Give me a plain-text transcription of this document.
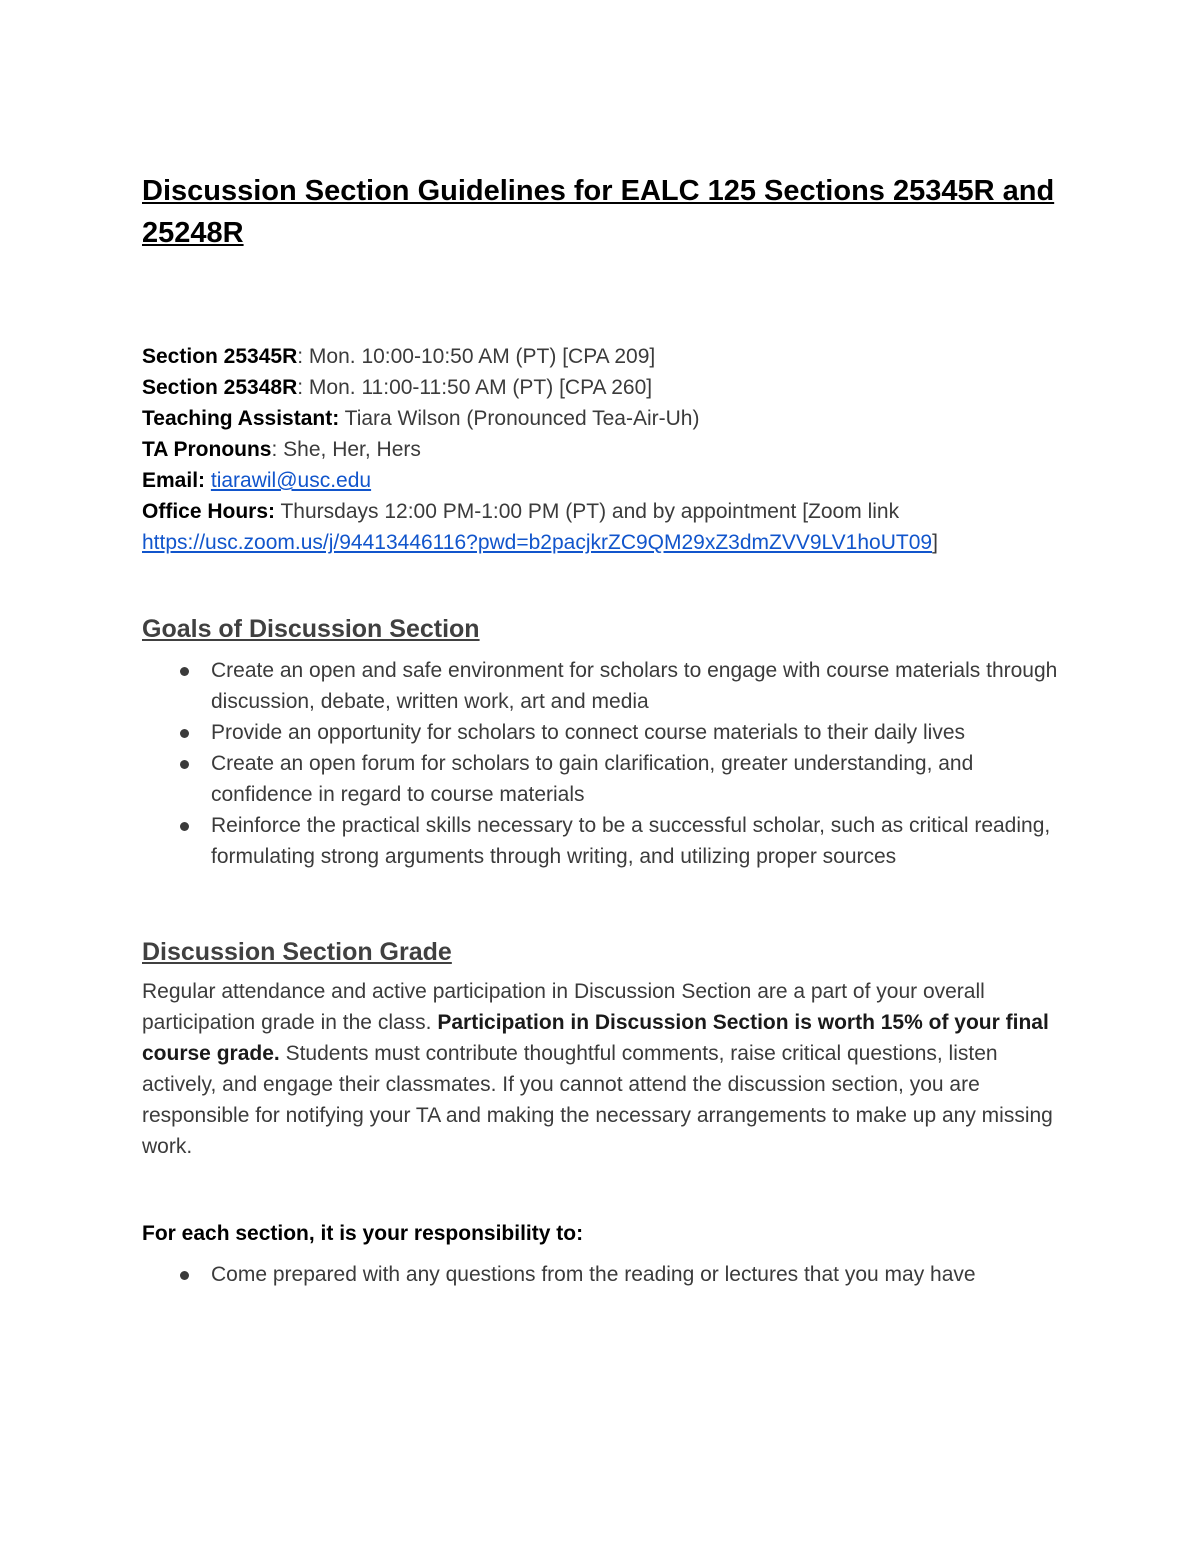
Discussion Section Guidelines for EALC 125 Sections 25345R and 25248R
Section 25345R: Mon. 10:00-10:50 AM (PT) [CPA 209]
Section 25348R: Mon. 11:00-11:50 AM (PT) [CPA 260]
Teaching Assistant: Tiara Wilson (Pronounced Tea-Air-Uh)
TA Pronouns: She, Her, Hers
Email: tiarawil@usc.edu
Office Hours: Thursdays 12:00 PM-1:00 PM (PT) and by appointment [Zoom link
https://usc.zoom.us/j/94413446116?pwd=b2pacjkrZC9QM29xZ3dmZVV9LV1hoUT09]
Goals of Discussion Section
Create an open and safe environment for scholars to engage with course materials through discussion, debate, written work, art and media
Provide an opportunity for scholars to connect course materials to their daily lives
Create an open forum for scholars to gain clarification, greater understanding, and confidence in regard to course materials
Reinforce the practical skills necessary to be a successful scholar, such as critical reading, formulating strong arguments through writing, and utilizing proper sources
Discussion Section Grade
Regular attendance and active participation in Discussion Section are a part of your overall participation grade in the class. Participation in Discussion Section is worth 15% of your final course grade. Students must contribute thoughtful comments, raise critical questions, listen actively, and engage their classmates. If you cannot attend the discussion section, you are responsible for notifying your TA and making the necessary arrangements to make up any missing work.
For each section, it is your responsibility to:
Come prepared with any questions from the reading or lectures that you may have
